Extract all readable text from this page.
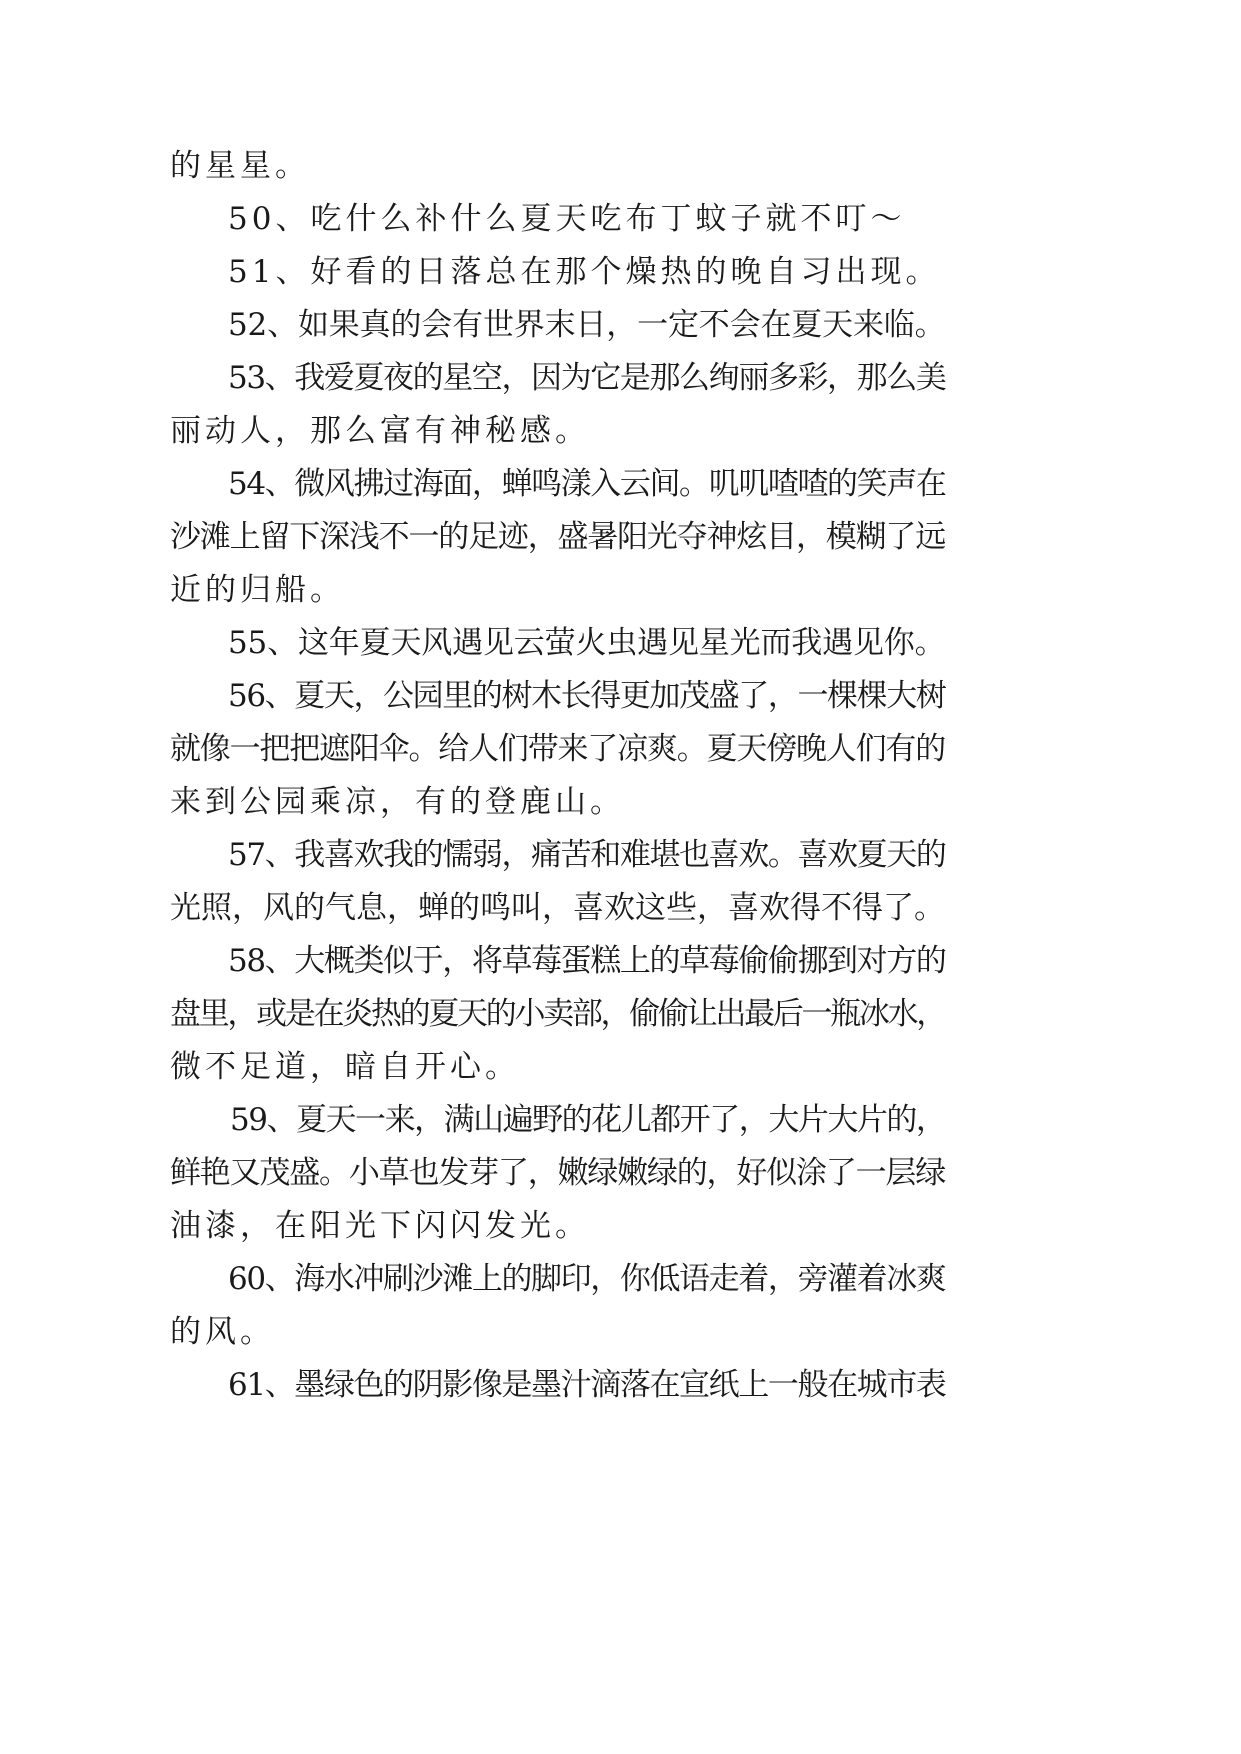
的星星。
50、吃什么补什么夏天吃布丁蚊子就不叮～
51、好看的日落总在那个燥热的晚自习出现。
52、如果真的会有世界末日，一定不会在夏天来临。
53、我爱夏夜的星空，因为它是那么绚丽多彩，那么美
丽动人，那么富有神秘感。
54、微风拂过海面，蝉鸣漾入云间。叽叽喳喳的笑声在
沙滩上留下深浅不一的足迹，盛暑阳光夺神炫目，模糊了远
近的归船。
55、这年夏天风遇见云萤火虫遇见星光而我遇见你。
56、夏天，公园里的树木长得更加茂盛了，一棵棵大树
就像一把把遮阳伞。给人们带来了凉爽。夏天傍晚人们有的
来到公园乘凉，有的登鹿山。
57、我喜欢我的懦弱，痛苦和难堪也喜欢。喜欢夏天的
光照，风的气息，蝉的鸣叫，喜欢这些，喜欢得不得了。
58、大概类似于，将草莓蛋糕上的草莓偷偷挪到对方的
盘里，或是在炎热的夏天的小卖部，偷偷让出最后一瓶冰水，
微不足道，暗自开心。
59、夏天一来，满山遍野的花儿都开了，大片大片的，
鲜艳又茂盛。小草也发芽了，嫩绿嫩绿的，好似涂了一层绿
油漆，在阳光下闪闪发光。
60、海水冲刷沙滩上的脚印，你低语走着，旁灌着冰爽
的风。
61、墨绿色的阴影像是墨汁滴落在宣纸上一般在城市表
